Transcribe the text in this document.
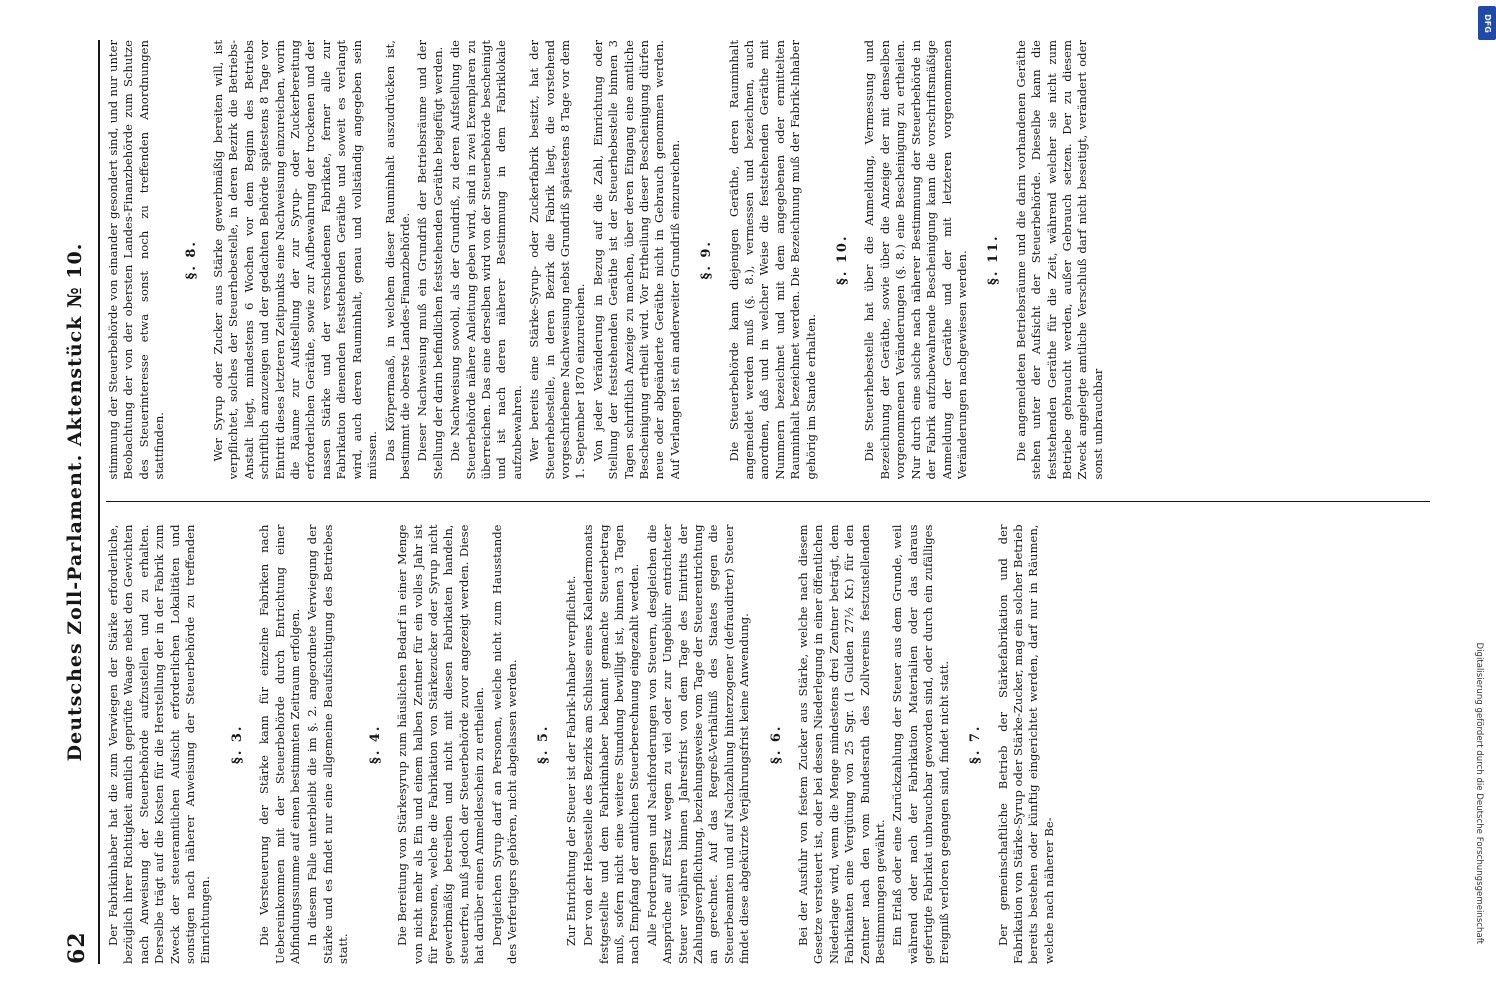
62
Deutsches Zoll-Parlament. Aktenstück № 10. Der Fabrikinhaber hat die zum Verwiegen der Stärke erforderliche, bezüglich ihrer Richtigkeit amtlich geprüfte Waage nebst den Gewichten nach Anweisung der Steuerbehörde aufzustellen und zu erhalten. Derselbe trägt auf die Kosten für die Herstellung der in der Fabrik zum Zweck der steueramtlichen Aufsicht erforderlichen Lokalitäten und sonstigen nach näherer Anweisung der Steuerbehörde zu treffenden Einrichtungen.

§. 3. Die Versteuerung der Stärke kann für einzelne Fabriken nach Uebereinkommen mit der Steuerbehörde durch Entrichtung einer Abfindungssumme auf einen bestimmten Zeitraum erfolgen. In diesem Falle unterbleibt die im §. 2. angeordnete Verwiegung der Stärke und es findet nur eine allgemeine Beaufsichtigung des Betriebes statt.

§. 4. Die Bereitung von Stärkesyrup zum häuslichen Bedarf in einer Menge von nicht mehr als Ein und einem halben Zentner für ein volles Jahr ist für Personen, welche die Fabrikation von Stärkezucker oder Syrup nicht gewerbmäßig betreiben und nicht mit diesen Fabrikaten handeln, steuerfrei, muß jedoch der Steuerbehörde zuvor angezeigt werden. Diese hat darüber einen Anmeldeschein zu ertheilen. Dergleichen Syrup darf an Personen, welche nicht zum Hausstande des Verfertigers gehören, nicht abgelassen werden. §. 5. Zur Entrichtung der Steuer ist der Fabrik-Inhaber verpflichtet. Der von der Hebestelle des Bezirks am Schlusse eines Kalendermonats festgestellte und dem Fabrikinhaber bekannt gemachte Steuerbetrag muß, sofern nicht eine weitere Stundung bewilligt ist, binnen 3 Tagen nach Empfang der amtlichen Steuerberechnung eingezahlt werden. Alle Forderungen und Nachforderungen von Steuern, desgleichen die Ansprüche auf Ersatz wegen zu viel oder zur Ungebühr entrichteter Steuer verjähren binnen Jahresfrist von dem Tage des Eintritts der Zahlungsverpflichtung, beziehungsweise vom Tage der Steuerentrichtung an gerechnet. Auf das Regreß-Verhältniß des Staates gegen die Steuerbeamten und auf Nachzahlung hinterzogener (defraudirter) Steuer findet diese abgekürzte Verjährungsfrist keine Anwendung. §. 6. Bei der Ausfuhr von festem Zucker aus Stärke, welche nach diesem Gesetze versteuert ist, oder bei dessen Niederlegung in einer öffentlichen Niederlage wird, wenn die Menge mindestens drei Zentner beträgt, dem Fabrikanten eine Vergütung von 25 Sgr. (1 Gulden 27½ Kr.) für den Zentner nach den vom Bundesrath des Zollvereins festzustellenden Bestimmungen gewährt. Ein Erlaß oder eine Zurückzahlung der Steuer aus dem Grunde, weil während oder nach der Fabrikation Materialien oder das daraus gefertigte Fabrikat unbrauchbar geworden sind, oder durch ein zufälliges Ereigniß verloren gegangen sind, findet nicht statt. §. 7. Der gemeinschaftliche Betrieb der Stärkefabrikation und der Fabrikation von Stärke-Syrup oder Stärke-Zucker, mag ein solcher Betrieb bereits bestehen oder künftig eingerichtet werden, darf nur in Räumen, welche nach näherer Be-

stimmung der Steuerbehörde von einander gesondert sind, und nur unter Beobachtung der von der obersten Landes-Finanzbehörde zum Schutze des Steuerinteresse etwa sonst noch zu treffenden Anordnungen stattfinden.

§. 8. Wer Syrup oder Zucker aus Stärke gewerbmäßig bereiten will, ist verpflichtet, solches der Steuerhebestelle, in deren Bezirk die Betriebs-Anstalt liegt, mindestens 6 Wochen vor dem Beginn des Betriebs schriftlich anzuzeigen und der gedachten Behörde spätestens 8 Tage vor Eintritt dieses letzteren Zeitpunkts eine Nachweisung einzureichen, worin die Räume zur Aufstellung der zur Syrup- oder Zuckerbereitung erforderlichen Geräthe, sowie zur Aufbewahrung der trockenen und der nassen Stärke und der verschiedenen Fabrikate, ferner alle zur Fabrikation dienenden feststehenden Geräthe und soweit es verlangt wird, auch deren Rauminhalt, genau und vollständig angegeben sein müssen. Das Körpermaaß, in welchem dieser Rauminhalt auszudrücken ist, bestimmt die oberste Landes-Finanzbehörde. Dieser Nachweisung muß ein Grundriß der Betriebsräume und der Stellung der darin befindlichen feststehenden Geräthe beigefügt werden. Die Nachweisung sowohl, als der Grundriß, zu deren Aufstellung die Steuerbehörde nähere Anleitung geben wird, sind in zwei Exemplaren zu überreichen. Das eine derselben wird von der Steuerbehörde bescheinigt und ist nach deren näherer Bestimmung in dem Fabriklokale aufzubewahren. Wer bereits eine Stärke-Syrup- oder Zuckerfabrik besitzt, hat der Steuerhebestelle, in deren Bezirk die Fabrik liegt, die vorstehend vorgeschriebene Nachweisung nebst Grundriß spätestens 8 Tage vor dem 1. September 1870 einzureichen. Von jeder Veränderung in Bezug auf die Zahl, Einrichtung oder Stellung der feststehenden Geräthe ist der Steuerhebestelle binnen 3 Tagen schriftlich Anzeige zu machen, über deren Eingang eine amtliche Bescheinigung ertheilt wird. Vor Ertheilung dieser Bescheinigung dürfen neue oder abgeänderte Geräthe nicht in Gebrauch genommen werden. Auf Verlangen ist ein anderweiter Grundriß einzureichen. §. 9. Die Steuerbehörde kann diejenigen Geräthe, deren Rauminhalt angemeldet werden muß (§. 8.), vermessen und bezeichnen, auch anordnen, daß und in welcher Weise die feststehenden Geräthe mit Nummern bezeichnet und mit dem angegebenen oder ermittelten Rauminhalt bezeichnet werden. Die Bezeichnung muß der Fabrik-Inhaber gehörig im Stande erhalten.

§. 10. Die Steuerhebestelle hat über die Anmeldung, Vermessung und Bezeichnung der Geräthe, sowie über die Anzeige der mit denselben vorgenommenen Veränderungen (§. 8.) eine Bescheinigung zu ertheilen. Nur durch eine solche nach näherer Bestimmung der Steuerbehörde in der Fabrik aufzubewahrende Bescheinigung kann die vorschriftsmäßige Anmeldung der Geräthe und der mit letzteren vorgenommenen Veränderungen nachgewiesen werden. §. 11. Die angemeldeten Betriebsräume und die darin vorhandenen Geräthe stehen unter der Aufsicht der Steuerbehörde. Dieselbe kann die feststehenden Geräthe für die Zeit, während welcher sie nicht zum Betriebe gebraucht werden, außer Gebrauch setzen. Der zu diesem Zweck angelegte amtliche Verschluß darf nicht beseitigt, verändert oder sonst unbrauchbar

Digitalisierung gefördert durch die Deutsche Forschungsgemeinschaft
DFG
